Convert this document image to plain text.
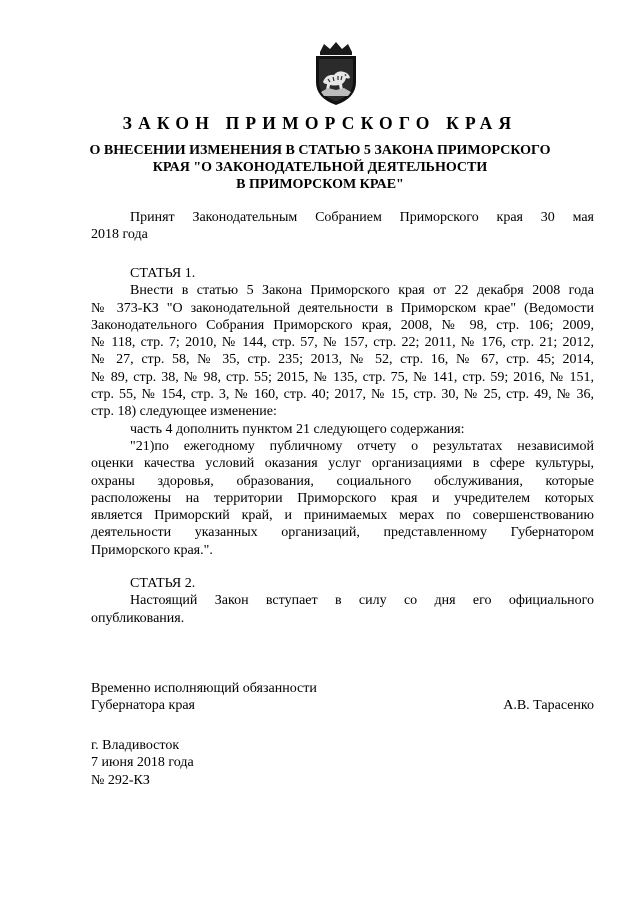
ЗАКОН ПРИМОРСКОГО КРАЯ
О ВНЕСЕНИИ ИЗМЕНЕНИЯ В СТАТЬЮ 5 ЗАКОНА ПРИМОРСКОГО
КРАЯ "О ЗАКОНОДАТЕЛЬНОЙ ДЕЯТЕЛЬНОСТИ
В ПРИМОРСКОМ КРАЕ"
Принят Законодательным Собранием Приморского края 30 мая
2018 года
СТАТЬЯ 1.
Внести в статью 5 Закона Приморского края от 22 декабря 2008 года
№ 373-КЗ "О законодательной деятельности в Приморском крае" (Ведомости
Законодательного Собрания Приморского края, 2008, № 98, стр. 106; 2009,
№ 118, стр. 7; 2010, № 144, стр. 57, № 157, стр. 22; 2011, № 176, стр. 21; 2012,
№ 27, стр. 58, № 35, стр. 235; 2013, № 52, стр. 16, № 67, стр. 45; 2014,
№ 89, стр. 38, № 98, стр. 55; 2015, № 135, стр. 75, № 141, стр. 59; 2016, № 151,
стр. 55, № 154, стр. 3, № 160, стр. 40; 2017, № 15, стр. 30, № 25, стр. 49, № 36,
стр. 18) следующее изменение:
часть 4 дополнить пунктом 21 следующего содержания:
"21)по ежегодному публичному отчету о результатах независимой
оценки качества условий оказания услуг организациями в сфере культуры,
охраны здоровья, образования, социального обслуживания, которые
расположены на территории Приморского края и учредителем которых
является Приморский край, и принимаемых мерах по совершенствованию
деятельности указанных организаций, представленному Губернатором
Приморского края.".
СТАТЬЯ 2.
Настоящий Закон вступает в силу со дня его официального
опубликования.
Временно исполняющий обязанности
Губернатора края	А.В. Тарасенко
г. Владивосток
7 июня 2018 года
№ 292-КЗ
